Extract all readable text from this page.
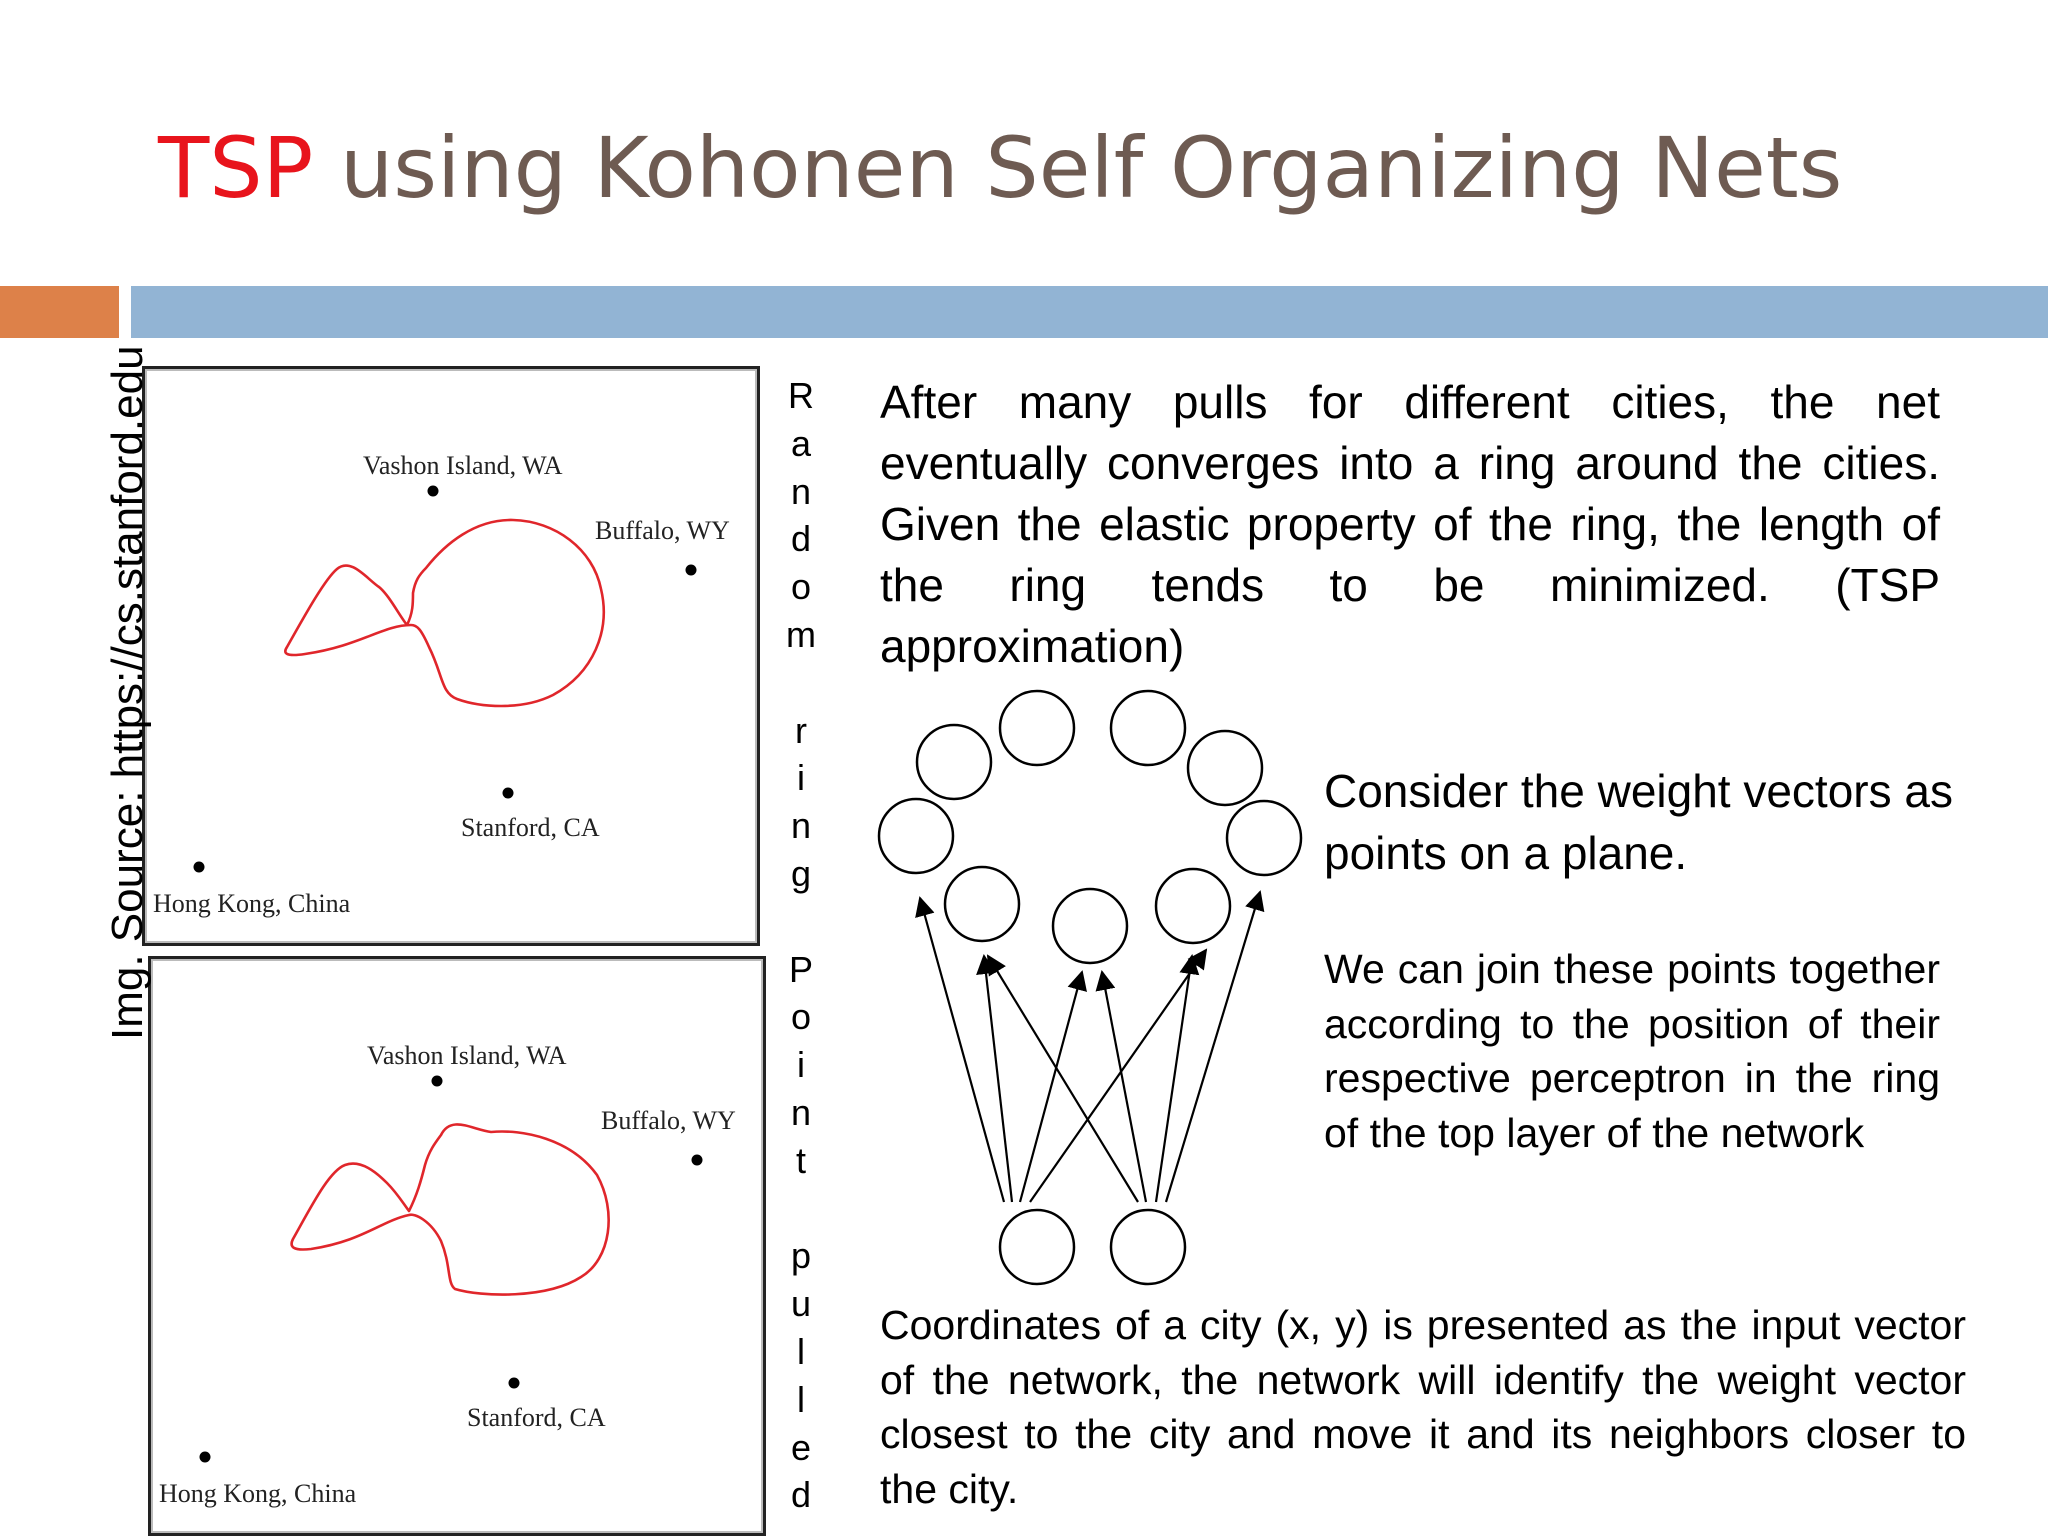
TSP using Kohonen Self Organizing Nets
Vashon Island, WA
Buffalo, WY
Stanford, CA
Hong Kong, China
Vashon Island, WA
Buffalo, WY
Stanford, CA
Hong Kong, China
Img. Source: https://cs.stanford.edu	R
a
n
d
o
m

r
i
n
g

P
o
i
n
t

p
u
l
l
e
d

After many pulls for different cities, the net eventually converges into a ring around the cities. Given the elastic property of the ring, the length of the ring tends to be minimized. (TSP approximation)

Consider the weight vectors as points on a plane.

We can join these points together according to the position of their respective perceptron in the ring of the top layer of the network

Coordinates of a city (x, y) is presented as the input vector of the network, the network will identify the weight vector closest to the city and move it and its neighbors closer to the city.
